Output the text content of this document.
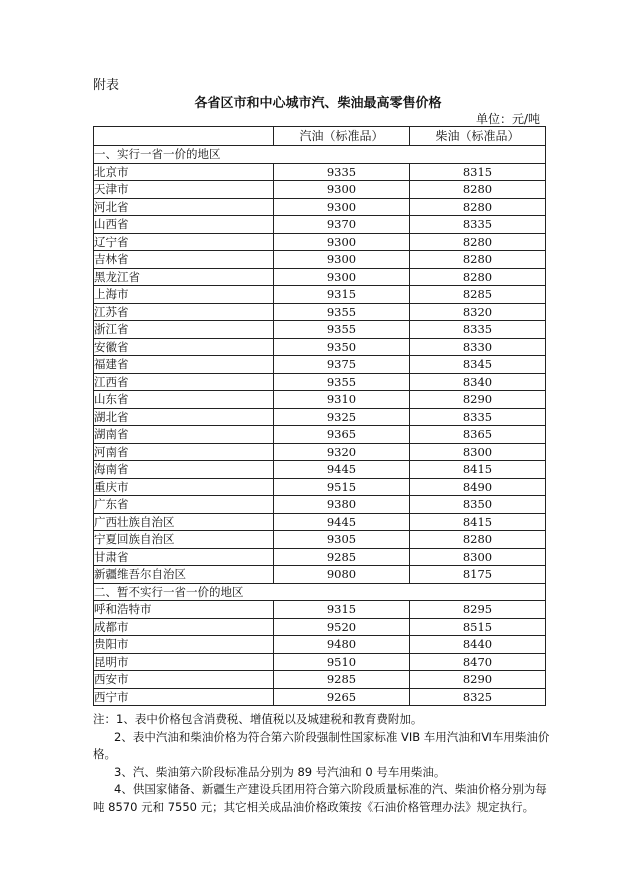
附表
各省区市和中心城市汽、柴油最高零售价格
单位：元/吨
	汽油（标准品）	柴油（标准品）
一、实行一省一价的地区		
北京市	9335	8315
天津市	9300	8280
河北省	9300	8280
山西省	9370	8335
辽宁省	9300	8280
吉林省	9300	8280
黑龙江省	9300	8280
上海市	9315	8285
江苏省	9355	8320
浙江省	9355	8335
安徽省	9350	8330
福建省	9375	8345
江西省	9355	8340
山东省	9310	8290
湖北省	9325	8335
湖南省	9365	8365
河南省	9320	8300
海南省	9445	8415
重庆市	9515	8490
广东省	9380	8350
广西壮族自治区	9445	8415
宁夏回族自治区	9305	8280
甘肃省	9285	8300
新疆维吾尔自治区	9080	8175
二、暂不实行一省一价的地区		
呼和浩特市	9315	8295
成都市	9520	8515
贵阳市	9480	8440
昆明市	9510	8470
西安市	9285	8290
西宁市	9265	8325

注：1、表中价格包含消费税、增值税以及城建税和教育费附加。

2、表中汽油和柴油价格为符合第六阶段强制性国家标准 VIB 车用汽油和Ⅵ车用柴油价格。

3、汽、柴油第六阶段标准品分别为 89 号汽油和 0 号车用柴油。

4、供国家储备、新疆生产建设兵团用符合第六阶段质量标准的汽、柴油价格分别为每吨 8570 元和 7550 元；其它相关成品油价格政策按《石油价格管理办法》规定执行。
